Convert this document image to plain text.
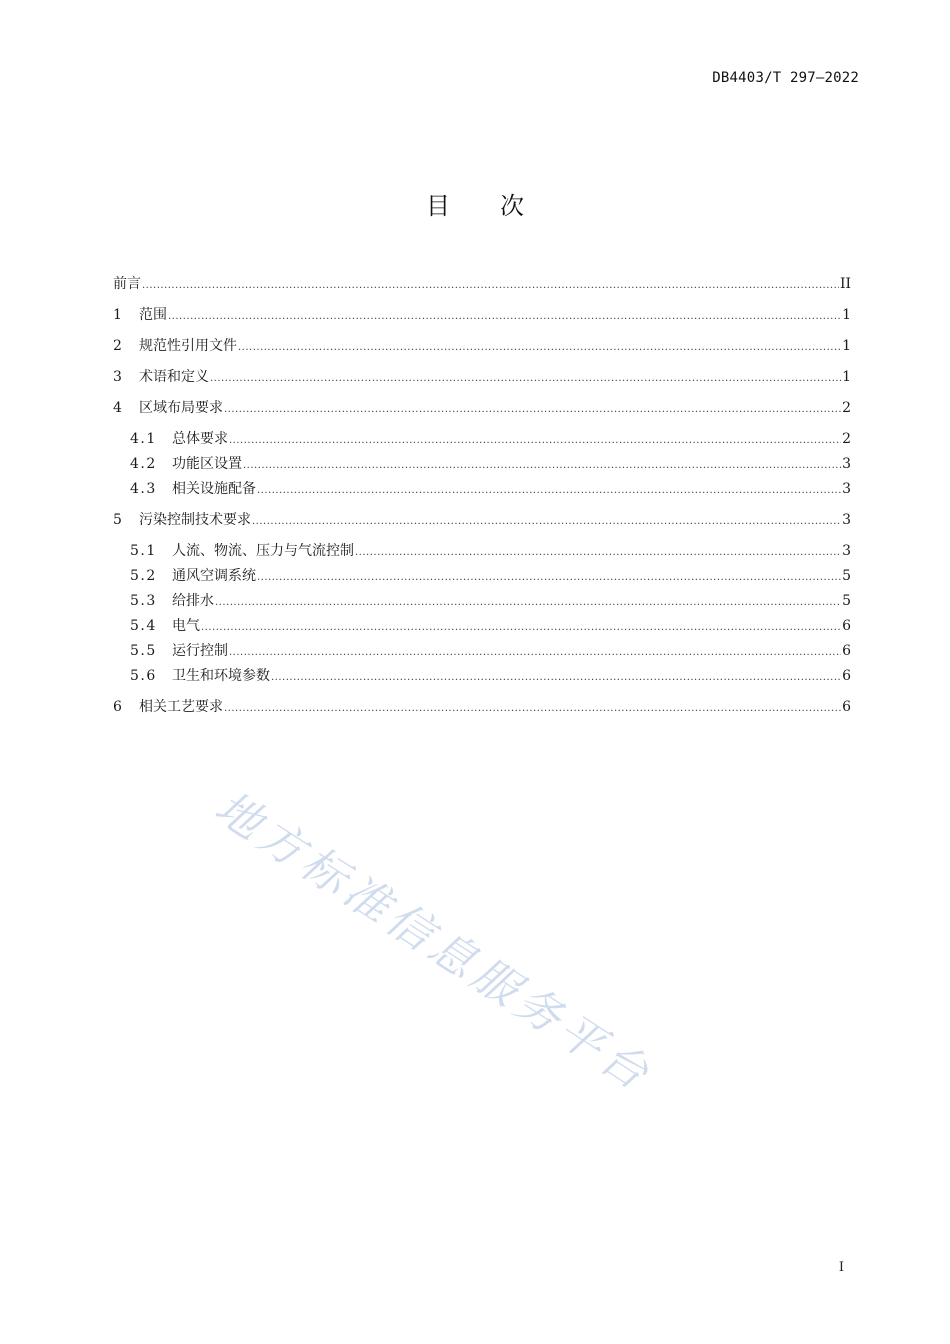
DB4403/T 297—2022
目次
前言 .....	II
1	范围 .....	1
2	规范性引用文件 .....	1
3	术语和定义 .....	1
4	区域布局要求 .....	2
4.1	总体要求 .....	2
4.2	功能区设置 .....	3
4.3	相关设施配备 .....	3
5	污染控制技术要求 .....	3
5.1	人流、物流、压力与气流控制 .....	3
5.2	通风空调系统 .....	5
5.3	给排水 .....	5
5.4	电气 .....	6
5.5	运行控制 .....	6
5.6	卫生和环境参数 .....	6
6	相关工艺要求 .....	6
地方标准信息服务平台
I
